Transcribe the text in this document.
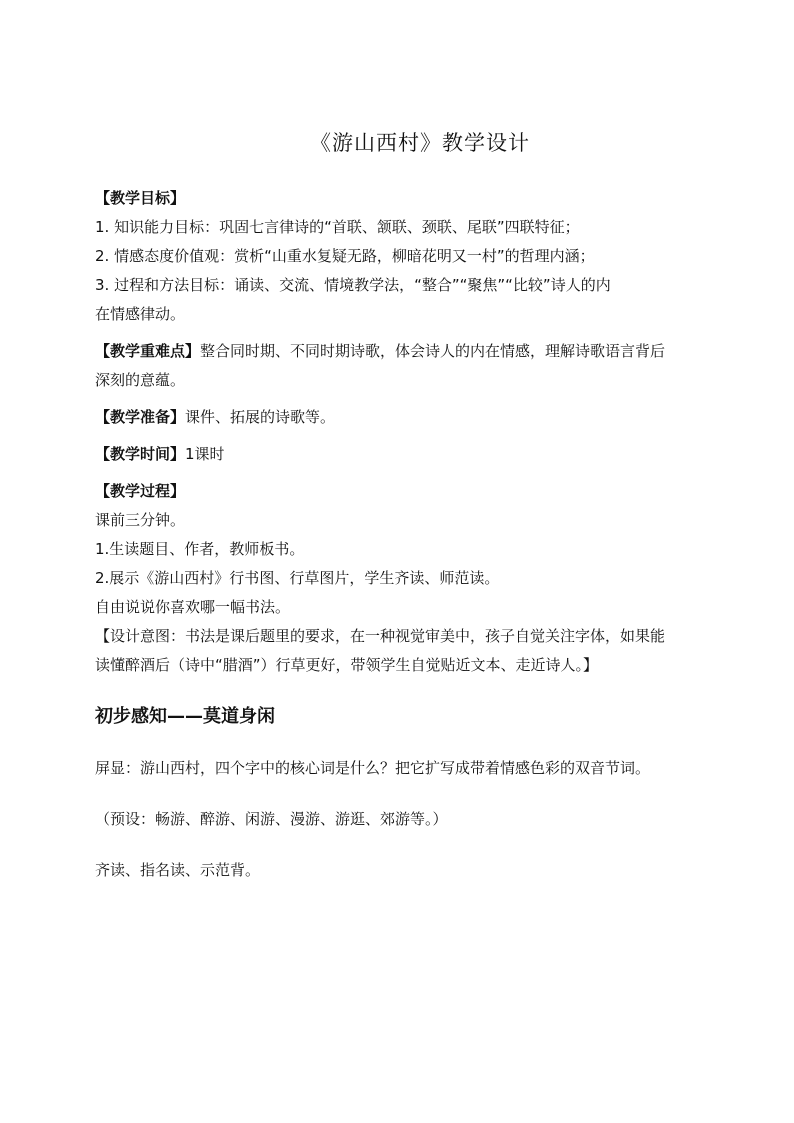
《游山西村》教学设计

【教学目标】

1. 知识能力目标：巩固七言律诗的“首联、颔联、颈联、尾联”四联特征；

2. 情感态度价值观：赏析“山重水复疑无路，柳暗花明又一村”的哲理内涵；

3. 过程和方法目标：诵读、交流、情境教学法，“整合”“聚焦”“比较”诗人的内

在情感律动。

【教学重难点】整合同时期、不同时期诗歌，体会诗人的内在情感，理解诗歌语言背后

深刻的意蕴。

【教学准备】课件、拓展的诗歌等。

【教学时间】1课时

【教学过程】

课前三分钟。

1.生读题目、作者，教师板书。

2.展示《游山西村》行书图、行草图片，学生齐读、师范读。

自由说说你喜欢哪一幅书法。

【设计意图：书法是课后题里的要求，在一种视觉审美中，孩子自觉关注字体，如果能

读懂醉酒后（诗中“腊酒”）行草更好，带领学生自觉贴近文本、走近诗人。】

初步感知——莫道身闲

屏显：游山西村，四个字中的核心词是什么？把它扩写成带着情感色彩的双音节词。

（预设：畅游、醉游、闲游、漫游、游逛、郊游等。）

齐读、指名读、示范背。
